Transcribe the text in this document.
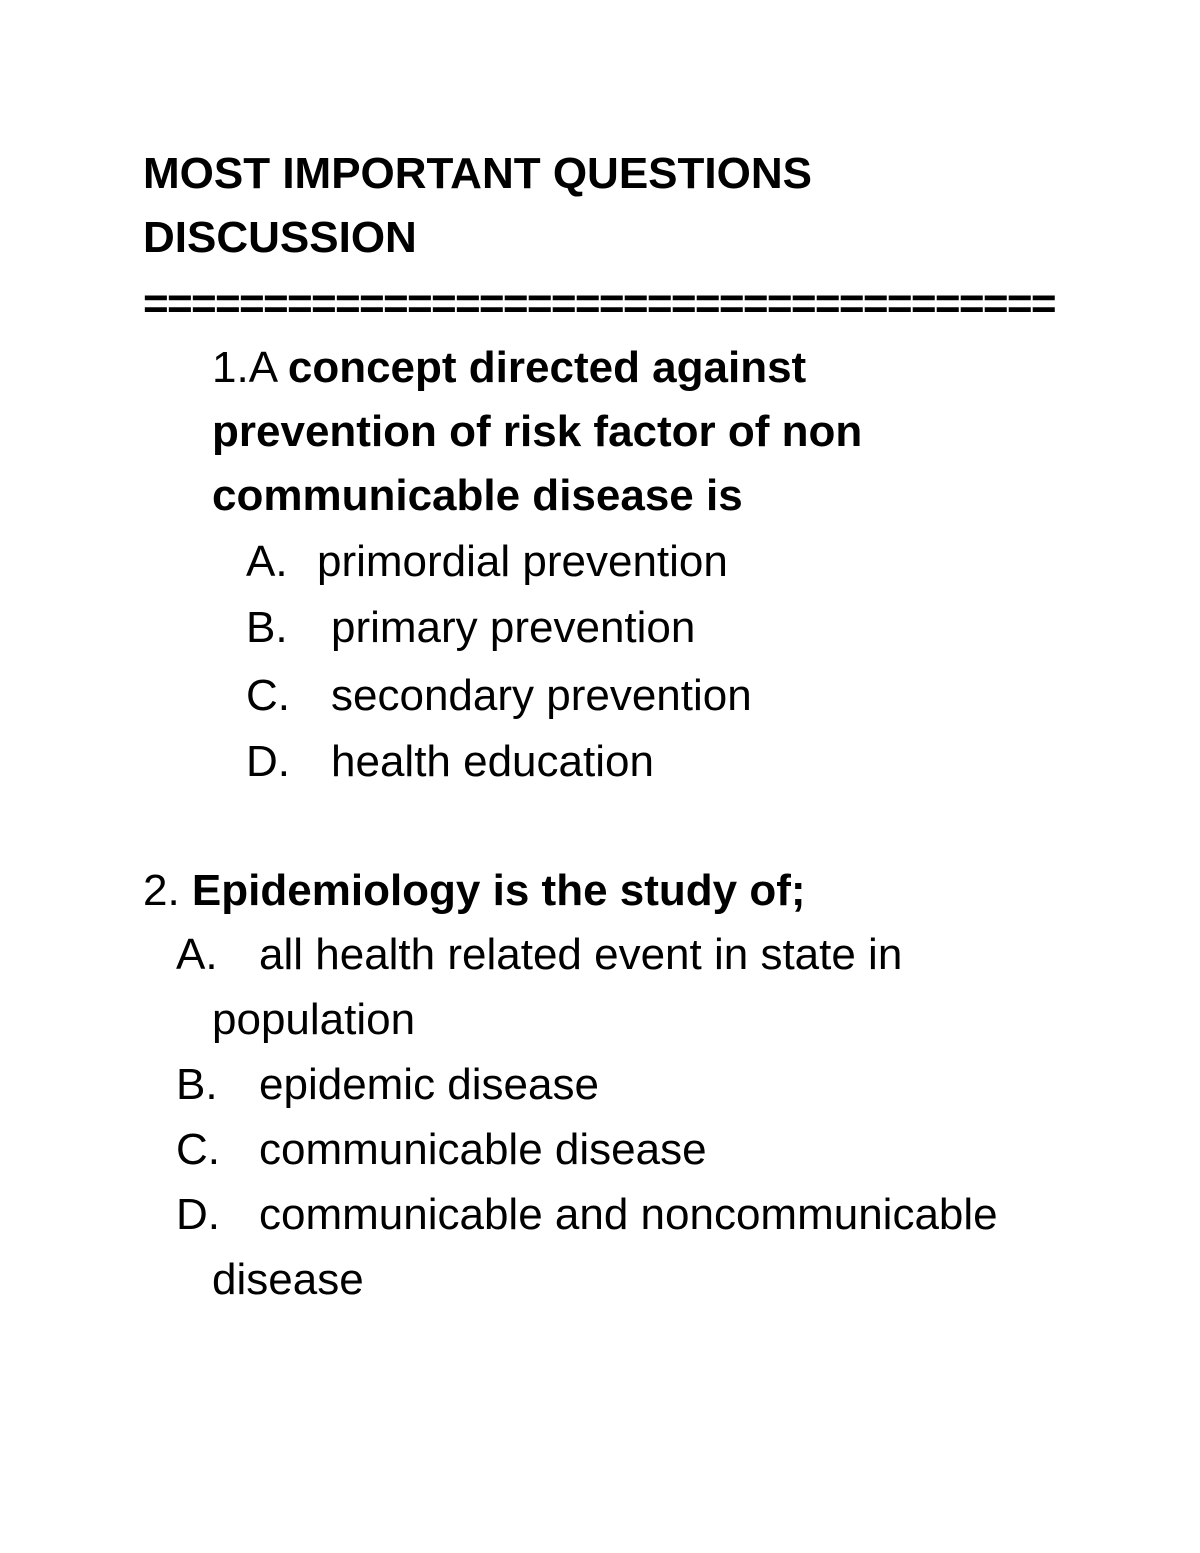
MOST IMPORTANT QUESTIONS
DISCUSSION
======================================
1.A concept directed against
prevention of risk factor of non
communicable disease is
A. primordial prevention
B. primary prevention
C. secondary prevention
D. health education
2. Epidemiology is the study of;
A. all health related event in state in
population
B. epidemic disease
C. communicable disease
D. communicable and noncommunicable
disease
